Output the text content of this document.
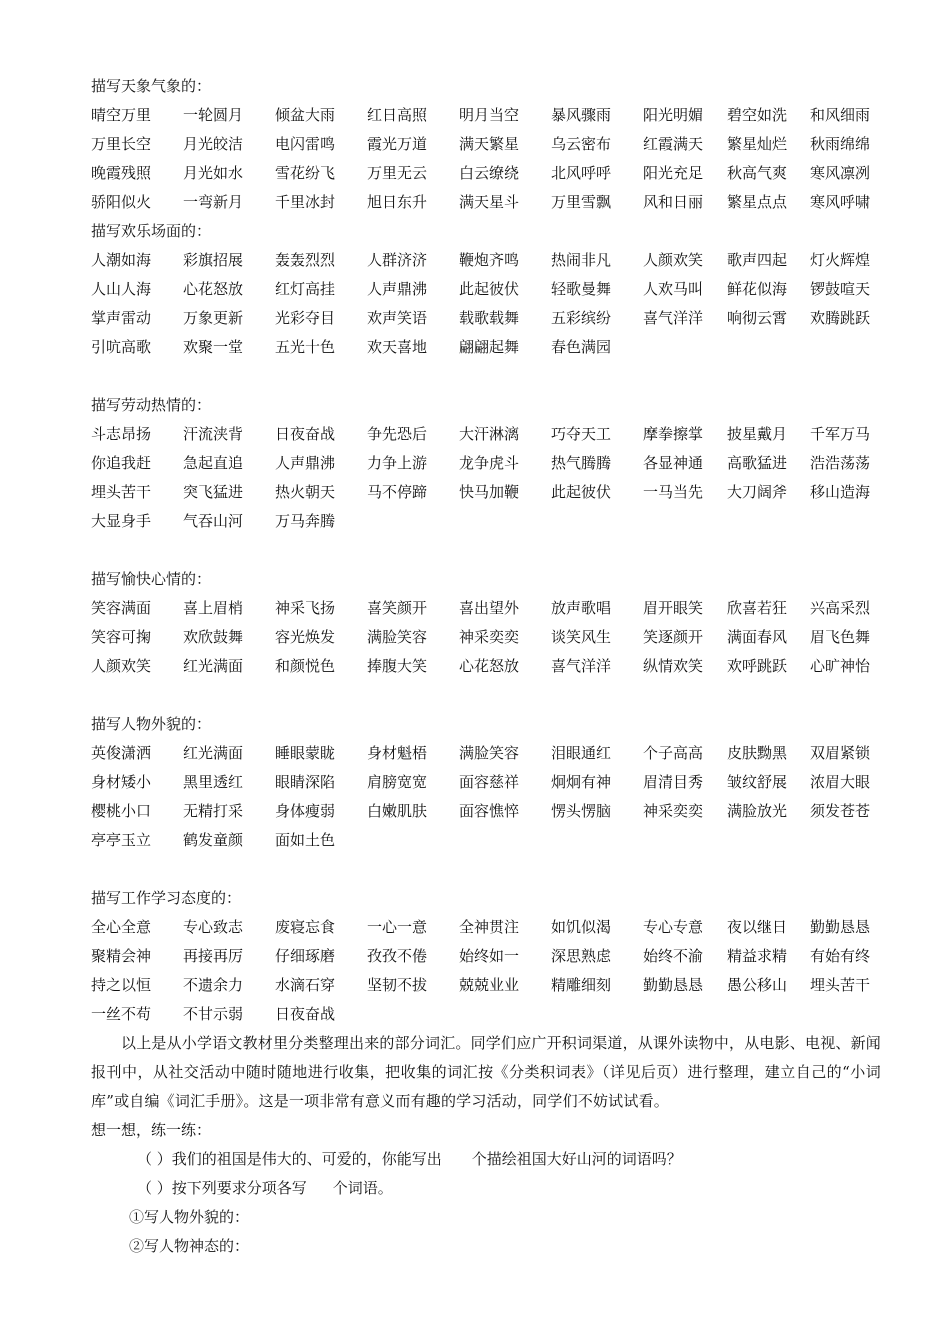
描写天象气象的：
晴空万里	一轮圆月	倾盆大雨	红日高照	明月当空	暴风骤雨	阳光明媚	碧空如洗	和风细雨
万里长空	月光皎洁	电闪雷鸣	霞光万道	满天繁星	乌云密布	红霞满天	繁星灿烂	秋雨绵绵
晚霞残照	月光如水	雪花纷飞	万里无云	白云缭绕	北风呼呼	阳光充足	秋高气爽	寒风凛冽
骄阳似火	一弯新月	千里冰封	旭日东升	满天星斗	万里雪飘	风和日丽	繁星点点	寒风呼啸
描写欢乐场面的：
人潮如海	彩旗招展	轰轰烈烈	人群济济	鞭炮齐鸣	热闹非凡	人颜欢笑	歌声四起	灯火辉煌
人山人海	心花怒放	红灯高挂	人声鼎沸	此起彼伏	轻歌曼舞	人欢马叫	鲜花似海	锣鼓喧天
掌声雷动	万象更新	光彩夺目	欢声笑语	载歌载舞	五彩缤纷	喜气洋洋	响彻云霄	欢腾跳跃
引吭高歌	欢聚一堂	五光十色	欢天喜地	翩翩起舞	春色满园
描写劳动热情的：
斗志昂扬	汗流浃背	日夜奋战	争先恐后	大汗淋漓	巧夺天工	摩拳擦掌	披星戴月	千军万马
你追我赶	急起直追	人声鼎沸	力争上游	龙争虎斗	热气腾腾	各显神通	高歌猛进	浩浩荡荡
埋头苦干	突飞猛进	热火朝天	马不停蹄	快马加鞭	此起彼伏	一马当先	大刀阔斧	移山造海
大显身手	气吞山河	万马奔腾
描写愉快心情的：
笑容满面	喜上眉梢	神采飞扬	喜笑颜开	喜出望外	放声歌唱	眉开眼笑	欣喜若狂	兴高采烈
笑容可掬	欢欣鼓舞	容光焕发	满脸笑容	神采奕奕	谈笑风生	笑逐颜开	满面春风	眉飞色舞
人颜欢笑	红光满面	和颜悦色	捧腹大笑	心花怒放	喜气洋洋	纵情欢笑	欢呼跳跃	心旷神怡
描写人物外貌的：
英俊潇洒	红光满面	睡眼蒙眬	身材魁梧	满脸笑容	泪眼通红	个子高高	皮肤黝黑	双眉紧锁
身材矮小	黑里透红	眼睛深陷	肩膀宽宽	面容慈祥	炯炯有神	眉清目秀	皱纹舒展	浓眉大眼
樱桃小口	无精打采	身体瘦弱	白嫩肌肤	面容憔悴	愣头愣脑	神采奕奕	满脸放光	须发苍苍
亭亭玉立	鹤发童颜	面如土色
描写工作学习态度的：
全心全意	专心致志	废寝忘食	一心一意	全神贯注	如饥似渴	专心专意	夜以继日	勤勤恳恳
聚精会神	再接再厉	仔细琢磨	孜孜不倦	始终如一	深思熟虑	始终不渝	精益求精	有始有终
持之以恒	不遗余力	水滴石穿	坚韧不拔	兢兢业业	精雕细刻	勤勤恳恳	愚公移山	埋头苦干
一丝不苟	不甘示弱	日夜奋战

以上是从小学语文教材里分类整理出来的部分词汇。同学们应广开积词渠道，从课外读物中，从电影、电视、新闻报刊中，从社交活动中随时随地进行收集，把收集的词汇按《分类积词表》（详见后页）进行整理，建立自己的“小词库”或自编《词汇手册》。这是一项非常有意义而有趣的学习活动，同学们不妨试试看。

想一想，练一练：
（ ）我们的祖国是伟大的、可爱的，你能写出 个描绘祖国大好山河的词语吗？
（ ）按下列要求分项各写 个词语。
①写人物外貌的：
②写人物神态的：
